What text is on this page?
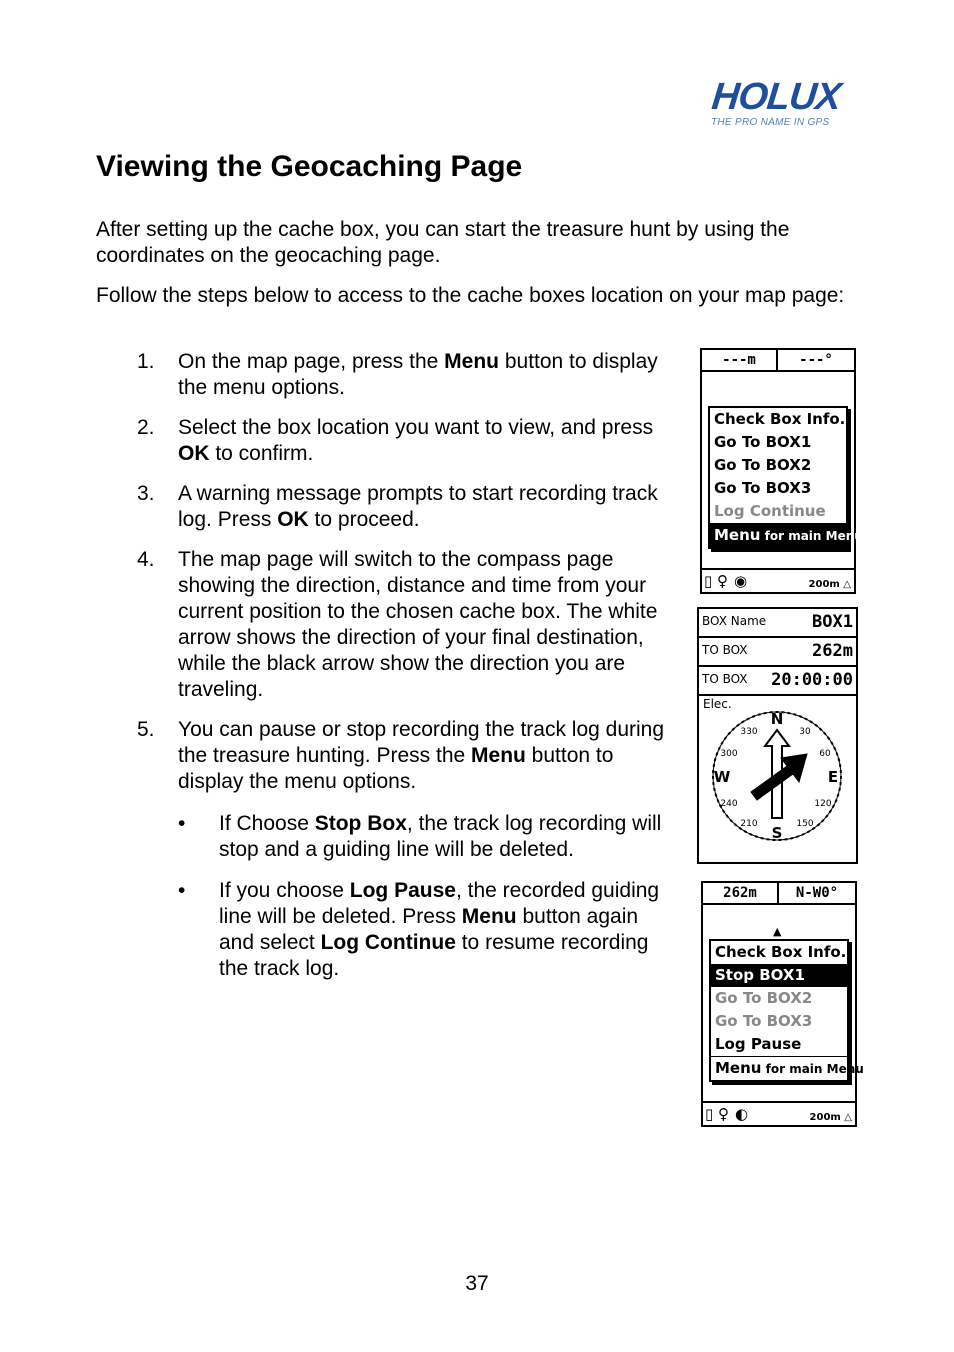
HOLUX
THE PRO NAME IN GPS
Viewing the Geocaching Page

After setting up the cache box, you can start the treasure hunt by using the coordinates on the geocaching page.

Follow the steps below to access to the cache boxes location on your map page:

1. On the map page, press the Menu button to display the menu options.
2. Select the box location you want to view, and press OK to confirm.
3. A warning message prompts to start recording track log. Press OK to proceed.
4. The map page will switch to the compass page showing the direction, distance and time from your current position to the chosen cache box. The white arrow shows the direction of your final destination, while the black arrow show the direction you are traveling.
5. You can pause or stop recording the track log during the treasure hunting. Press the Menu button to display the menu options.
• If Choose Stop Box, the track log recording will stop and a guiding line will be deleted.
• If you choose Log Pause, the recorded guiding line will be deleted. Press Menu button again and select Log Continue to resume recording the track log.
---m	---°
Check Box Info.
Go To BOX1
Go To BOX2
Go To BOX3
Log Continue
Menu for main Menu
▯ ♀ ◉	200m △
BOX Name	BOX1
TO BOX	262m
TO BOX 20:00:00
Elec.
N
S
E
W
30
60
120
150
210
240
300
330
262m	N-W0°
▲
Check Box Info.
Stop BOX1
Go To BOX2
Go To BOX3
Log Pause
Menu for main Menu
▯ ♀ ◐	200m △
37
